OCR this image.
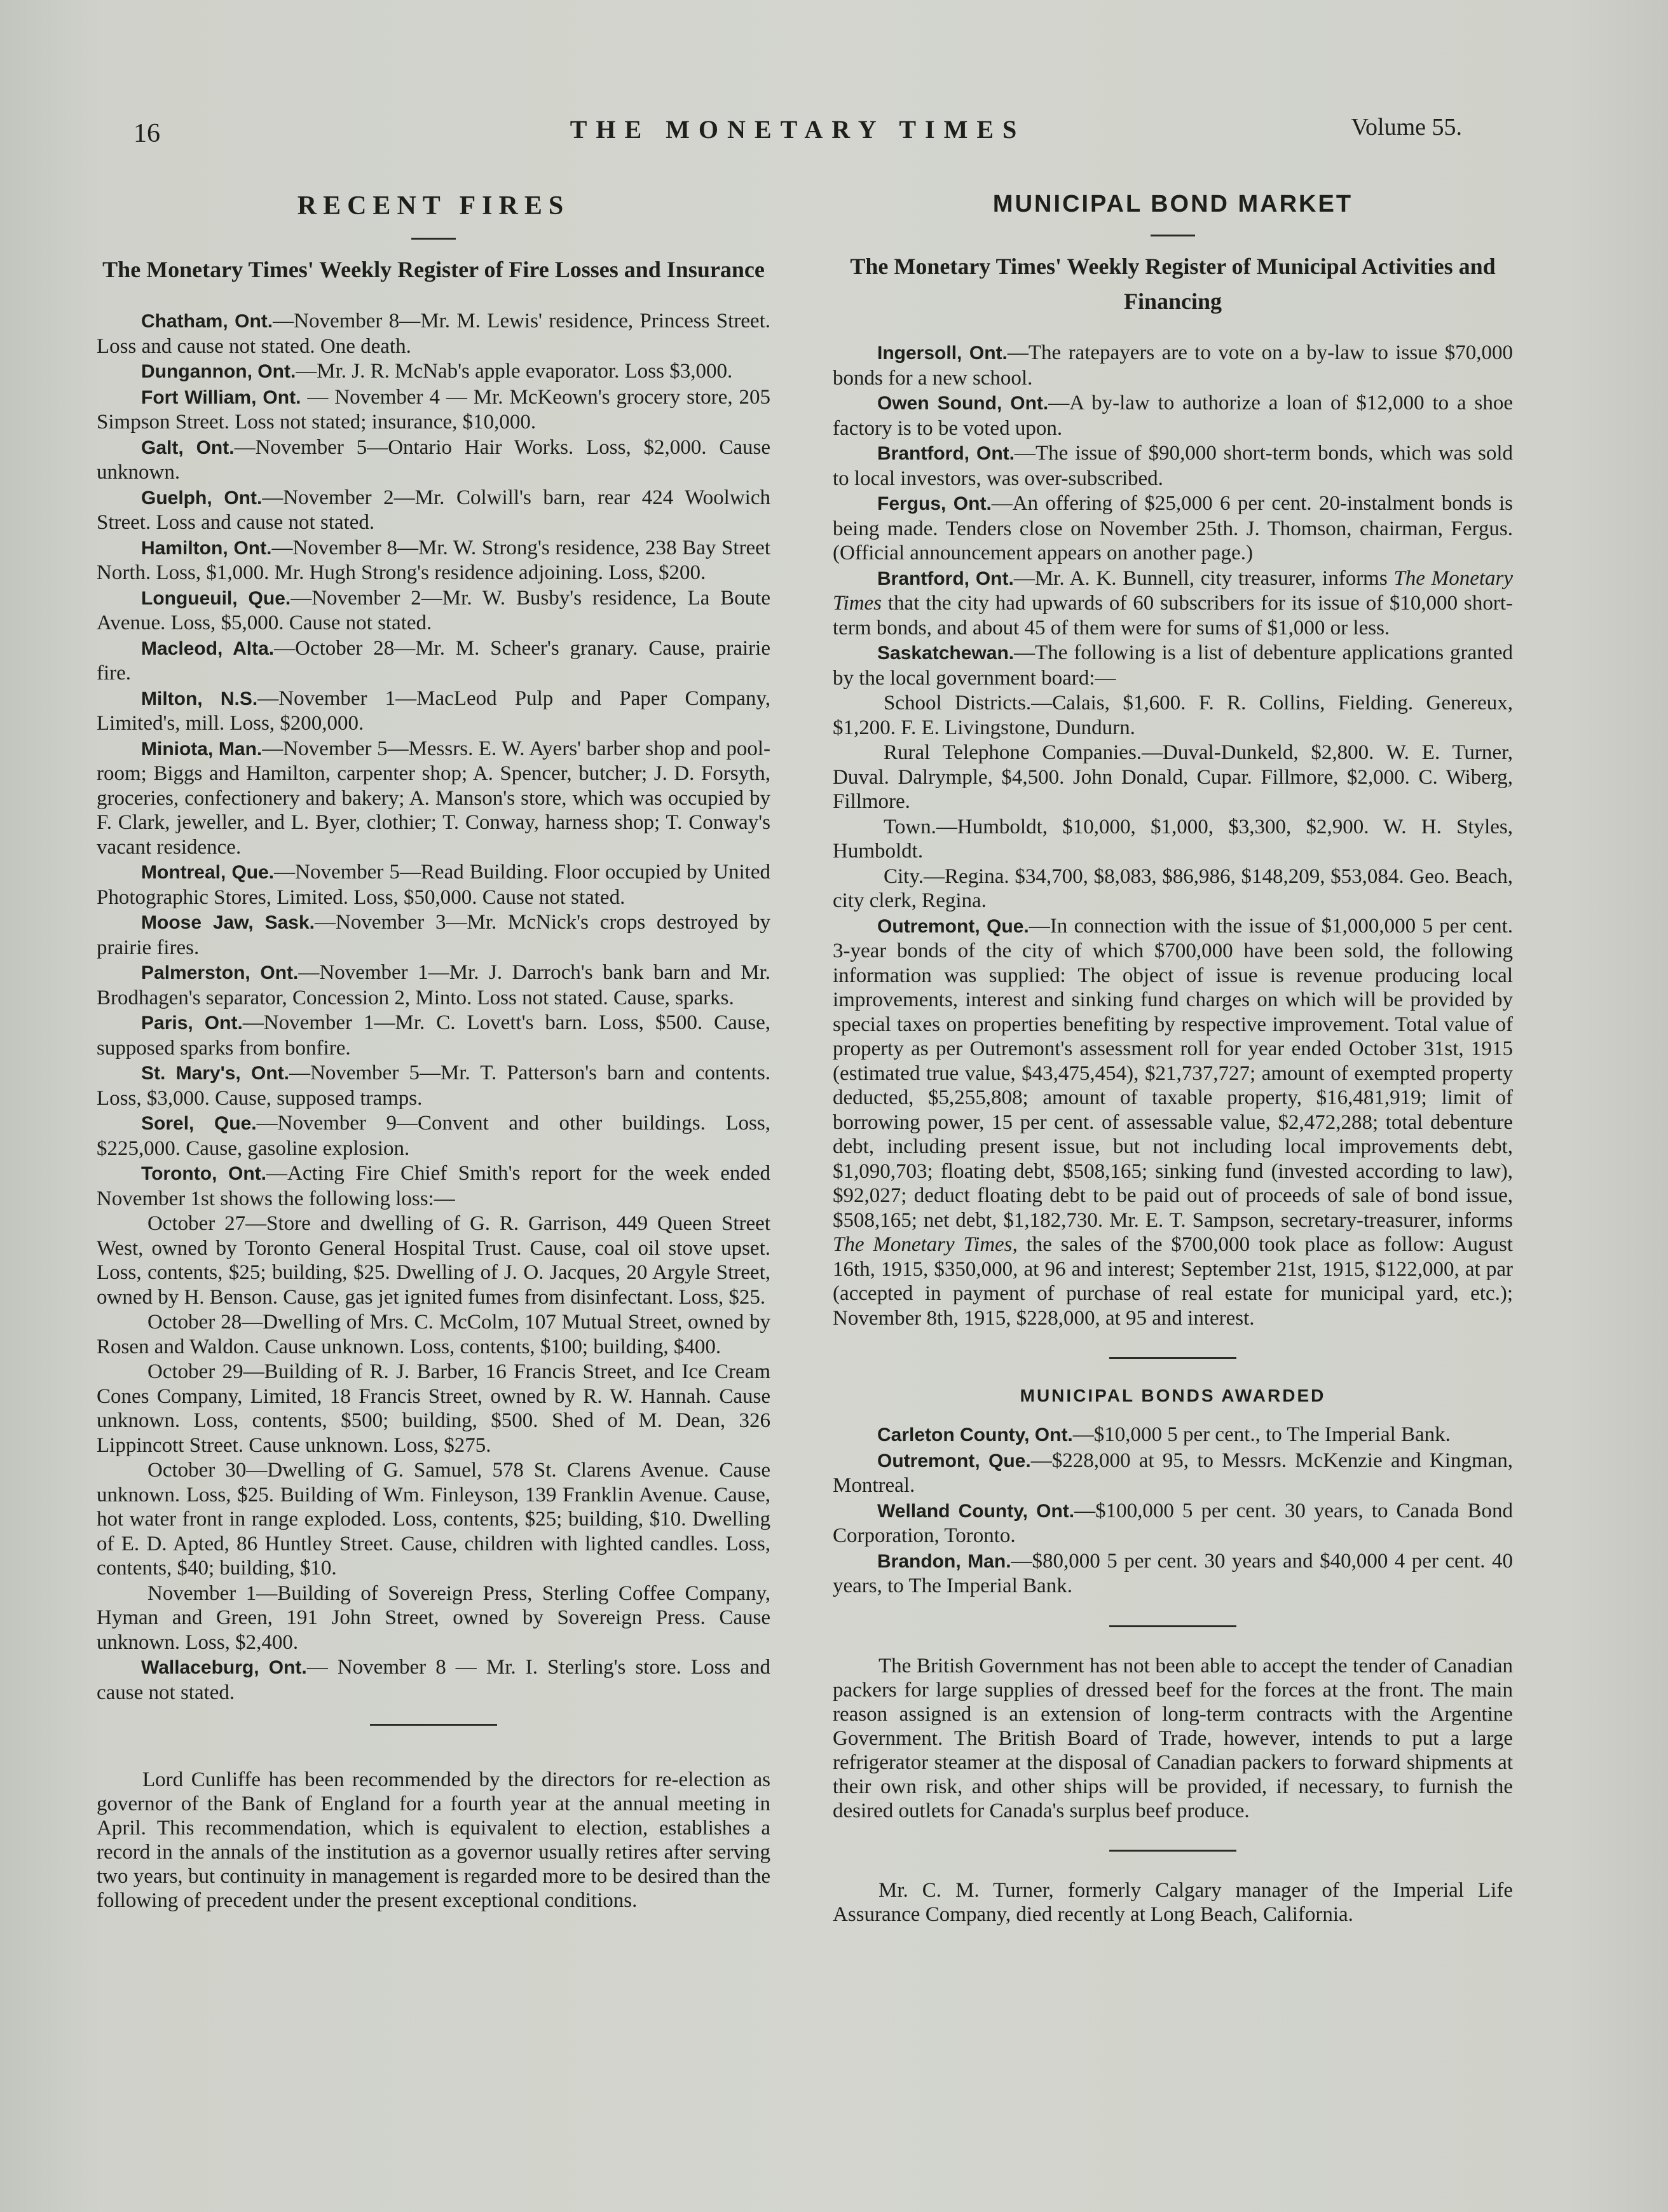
16	THE MONETARY TIMES	Volume 55.
RECENT FIRES
The Monetary Times' Weekly Register of Fire Losses and Insurance

Chatham, Ont.—November 8—Mr. M. Lewis' residence, Princess Street. Loss and cause not stated. One death.

Dungannon, Ont.—Mr. J. R. McNab's apple evaporator. Loss $3,000.

Fort William, Ont. — November 4 — Mr. McKeown's grocery store, 205 Simpson Street. Loss not stated; insurance, $10,000.

Galt, Ont.—November 5—Ontario Hair Works. Loss, $2,000. Cause unknown.

Guelph, Ont.—November 2—Mr. Colwill's barn, rear 424 Woolwich Street. Loss and cause not stated.

Hamilton, Ont.—November 8—Mr. W. Strong's residence, 238 Bay Street North. Loss, $1,000. Mr. Hugh Strong's residence adjoining. Loss, $200.

Longueuil, Que.—November 2—Mr. W. Busby's residence, La Boute Avenue. Loss, $5,000. Cause not stated.

Macleod, Alta.—October 28—Mr. M. Scheer's granary. Cause, prairie fire.

Milton, N.S.—November 1—MacLeod Pulp and Paper Company, Limited's, mill. Loss, $200,000.

Miniota, Man.—November 5—Messrs. E. W. Ayers' barber shop and pool-room; Biggs and Hamilton, carpenter shop; A. Spencer, butcher; J. D. Forsyth, groceries, confectionery and bakery; A. Manson's store, which was occupied by F. Clark, jeweller, and L. Byer, clothier; T. Conway, harness shop; T. Conway's vacant residence.

Montreal, Que.—November 5—Read Building. Floor occupied by United Photographic Stores, Limited. Loss, $50,000. Cause not stated.

Moose Jaw, Sask.—November 3—Mr. McNick's crops destroyed by prairie fires.

Palmerston, Ont.—November 1—Mr. J. Darroch's bank barn and Mr. Brodhagen's separator, Concession 2, Minto. Loss not stated. Cause, sparks.

Paris, Ont.—November 1—Mr. C. Lovett's barn. Loss, $500. Cause, supposed sparks from bonfire.

St. Mary's, Ont.—November 5—Mr. T. Patterson's barn and contents. Loss, $3,000. Cause, supposed tramps.

Sorel, Que.—November 9—Convent and other buildings. Loss, $225,000. Cause, gasoline explosion.

Toronto, Ont.—Acting Fire Chief Smith's report for the week ended November 1st shows the following loss:—

October 27—Store and dwelling of G. R. Garrison, 449 Queen Street West, owned by Toronto General Hospital Trust. Cause, coal oil stove upset. Loss, contents, $25; building, $25. Dwelling of J. O. Jacques, 20 Argyle Street, owned by H. Benson. Cause, gas jet ignited fumes from disinfectant. Loss, $25.

October 28—Dwelling of Mrs. C. McColm, 107 Mutual Street, owned by Rosen and Waldon. Cause unknown. Loss, contents, $100; building, $400.

October 29—Building of R. J. Barber, 16 Francis Street, and Ice Cream Cones Company, Limited, 18 Francis Street, owned by R. W. Hannah. Cause unknown. Loss, contents, $500; building, $500. Shed of M. Dean, 326 Lippincott Street. Cause unknown. Loss, $275.

October 30—Dwelling of G. Samuel, 578 St. Clarens Avenue. Cause unknown. Loss, $25. Building of Wm. Finleyson, 139 Franklin Avenue. Cause, hot water front in range exploded. Loss, contents, $25; building, $10. Dwelling of E. D. Apted, 86 Huntley Street. Cause, children with lighted candles. Loss, contents, $40; building, $10.

November 1—Building of Sovereign Press, Sterling Coffee Company, Hyman and Green, 191 John Street, owned by Sovereign Press. Cause unknown. Loss, $2,400.

Wallaceburg, Ont.— November 8 — Mr. I. Sterling's store. Loss and cause not stated.

Lord Cunliffe has been recommended by the directors for re-election as governor of the Bank of England for a fourth year at the annual meeting in April. This recommendation, which is equivalent to election, establishes a record in the annals of the institution as a governor usually retires after serving two years, but continuity in management is regarded more to be desired than the following of precedent under the present exceptional conditions.

MUNICIPAL BOND MARKET
The Monetary Times' Weekly Register of Municipal Activities and Financing

Ingersoll, Ont.—The ratepayers are to vote on a by-law to issue $70,000 bonds for a new school.

Owen Sound, Ont.—A by-law to authorize a loan of $12,000 to a shoe factory is to be voted upon.

Brantford, Ont.—The issue of $90,000 short-term bonds, which was sold to local investors, was over-subscribed.

Fergus, Ont.—An offering of $25,000 6 per cent. 20-instalment bonds is being made. Tenders close on November 25th. J. Thomson, chairman, Fergus. (Official announcement appears on another page.)

Brantford, Ont.—Mr. A. K. Bunnell, city treasurer, informs The Monetary Times that the city had upwards of 60 subscribers for its issue of $10,000 short-term bonds, and about 45 of them were for sums of $1,000 or less.

Saskatchewan.—The following is a list of debenture applications granted by the local government board:—

School Districts.—Calais, $1,600. F. R. Collins, Fielding. Genereux, $1,200. F. E. Livingstone, Dundurn.

Rural Telephone Companies.—Duval-Dunkeld, $2,800. W. E. Turner, Duval. Dalrymple, $4,500. John Donald, Cupar. Fillmore, $2,000. C. Wiberg, Fillmore.

Town.—Humboldt, $10,000, $1,000, $3,300, $2,900. W. H. Styles, Humboldt.

City.—Regina. $34,700, $8,083, $86,986, $148,209, $53,084. Geo. Beach, city clerk, Regina.

Outremont, Que.—In connection with the issue of $1,000,000 5 per cent. 3-year bonds of the city of which $700,000 have been sold, the following information was supplied: The object of issue is revenue producing local improvements, interest and sinking fund charges on which will be provided by special taxes on properties benefiting by respective improvement. Total value of property as per Outremont's assessment roll for year ended October 31st, 1915 (estimated true value, $43,475,454), $21,737,727; amount of exempted property deducted, $5,255,808; amount of taxable property, $16,481,919; limit of borrowing power, 15 per cent. of assessable value, $2,472,288; total debenture debt, including present issue, but not including local improvements debt, $1,090,703; floating debt, $508,165; sinking fund (invested according to law), $92,027; deduct floating debt to be paid out of proceeds of sale of bond issue, $508,165; net debt, $1,182,730. Mr. E. T. Sampson, secretary-treasurer, informs The Monetary Times, the sales of the $700,000 took place as follow: August 16th, 1915, $350,000, at 96 and interest; September 21st, 1915, $122,000, at par (accepted in payment of purchase of real estate for municipal yard, etc.); November 8th, 1915, $228,000, at 95 and interest.

MUNICIPAL BONDS AWARDED

Carleton County, Ont.—$10,000 5 per cent., to The Imperial Bank.

Outremont, Que.—$228,000 at 95, to Messrs. McKenzie and Kingman, Montreal.

Welland County, Ont.—$100,000 5 per cent. 30 years, to Canada Bond Corporation, Toronto.

Brandon, Man.—$80,000 5 per cent. 30 years and $40,000 4 per cent. 40 years, to The Imperial Bank.

The British Government has not been able to accept the tender of Canadian packers for large supplies of dressed beef for the forces at the front. The main reason assigned is an extension of long-term contracts with the Argentine Government. The British Board of Trade, however, intends to put a large refrigerator steamer at the disposal of Canadian packers to forward shipments at their own risk, and other ships will be provided, if necessary, to furnish the desired outlets for Canada's surplus beef produce.

Mr. C. M. Turner, formerly Calgary manager of the Imperial Life Assurance Company, died recently at Long Beach, California.
